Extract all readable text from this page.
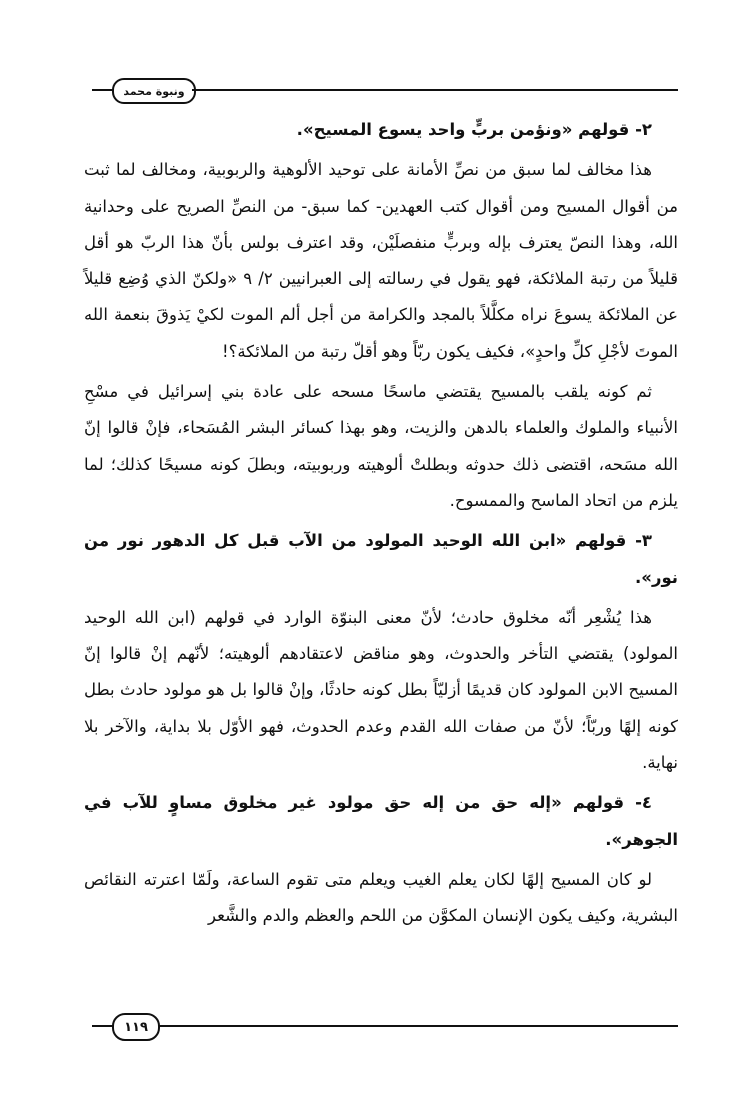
ونبوة محمد

٢- قولهم «ونؤمن بربٍّ واحد يسوع المسيح».

هذا مخالف لما سبق من نصِّ الأمانة على توحيد الألوهية والربوبية، ومخالف لما ثبت من أقوال المسيح ومن أقوال كتب العهدين- كما سبق- من النصِّ الصريح على وحدانية الله، وهذا النصّ يعترف بإله وبربٍّ منفصلَيْن، وقد اعترف بولس بأنّ هذا الربّ هو أقل قليلاً من رتبة الملائكة، فهو يقول في رسالته إلى العبرانيين ٢/ ٩ «ولكنّ الذي وُضِع قليلاً عن الملائكة يسوعَ نراه مكلَّلاً بالمجد والكرامة من أجل ألم الموت لكيْ يَذوقَ بنعمة الله الموتَ لأجْلِ كلِّ واحدٍ»، فكيف يكون ربّاً وهو أقلّ رتبة من الملائكة؟!

ثم كونه يلقب بالمسيح يقتضي ماسحًا مسحه على عادة بني إسرائيل في مسْحِ الأنبياء والملوك والعلماء بالدهن والزيت، وهو بهذا كسائر البشر المُسَحاء، فإنْ قالوا إنّ الله مسَحه، اقتضى ذلك حدوثه وبطلتْ ألوهيته وربوبيته، وبطلَ كونه مسيحًا كذلك؛ لما يلزم من اتحاد الماسح والممسوح.

٣- قولهم «ابن الله الوحيد المولود من الآب قبل كل الدهور نور من نور».

هذا يُشْعِر أنّه مخلوق حادث؛ لأنّ معنى البنوّة الوارد في قولهم (ابن الله الوحيد المولود) يقتضي التأخر والحدوث، وهو مناقض لاعتقادهم ألوهيته؛ لأنّهم إنْ قالوا إنّ المسيح الابن المولود كان قديمًا أزليّاً بطل كونه حادثًا، وإنْ قالوا بل هو مولود حادث بطل كونه إلهًا وربّاً؛ لأنّ من صفات الله القدم وعدم الحدوث، فهو الأوّل بلا بداية، والآخر بلا نهاية.

٤- قولهم «إله حق من إله حق مولود غير مخلوق مساوٍ للآب في الجوهر».

لو كان المسيح إلهًا لكان يعلم الغيب ويعلم متى تقوم الساعة، ولَمّا اعترته النقائص البشرية، وكيف يكون الإنسان المكوَّن من اللحم والعظم والدم والشَّعر

١١٩
